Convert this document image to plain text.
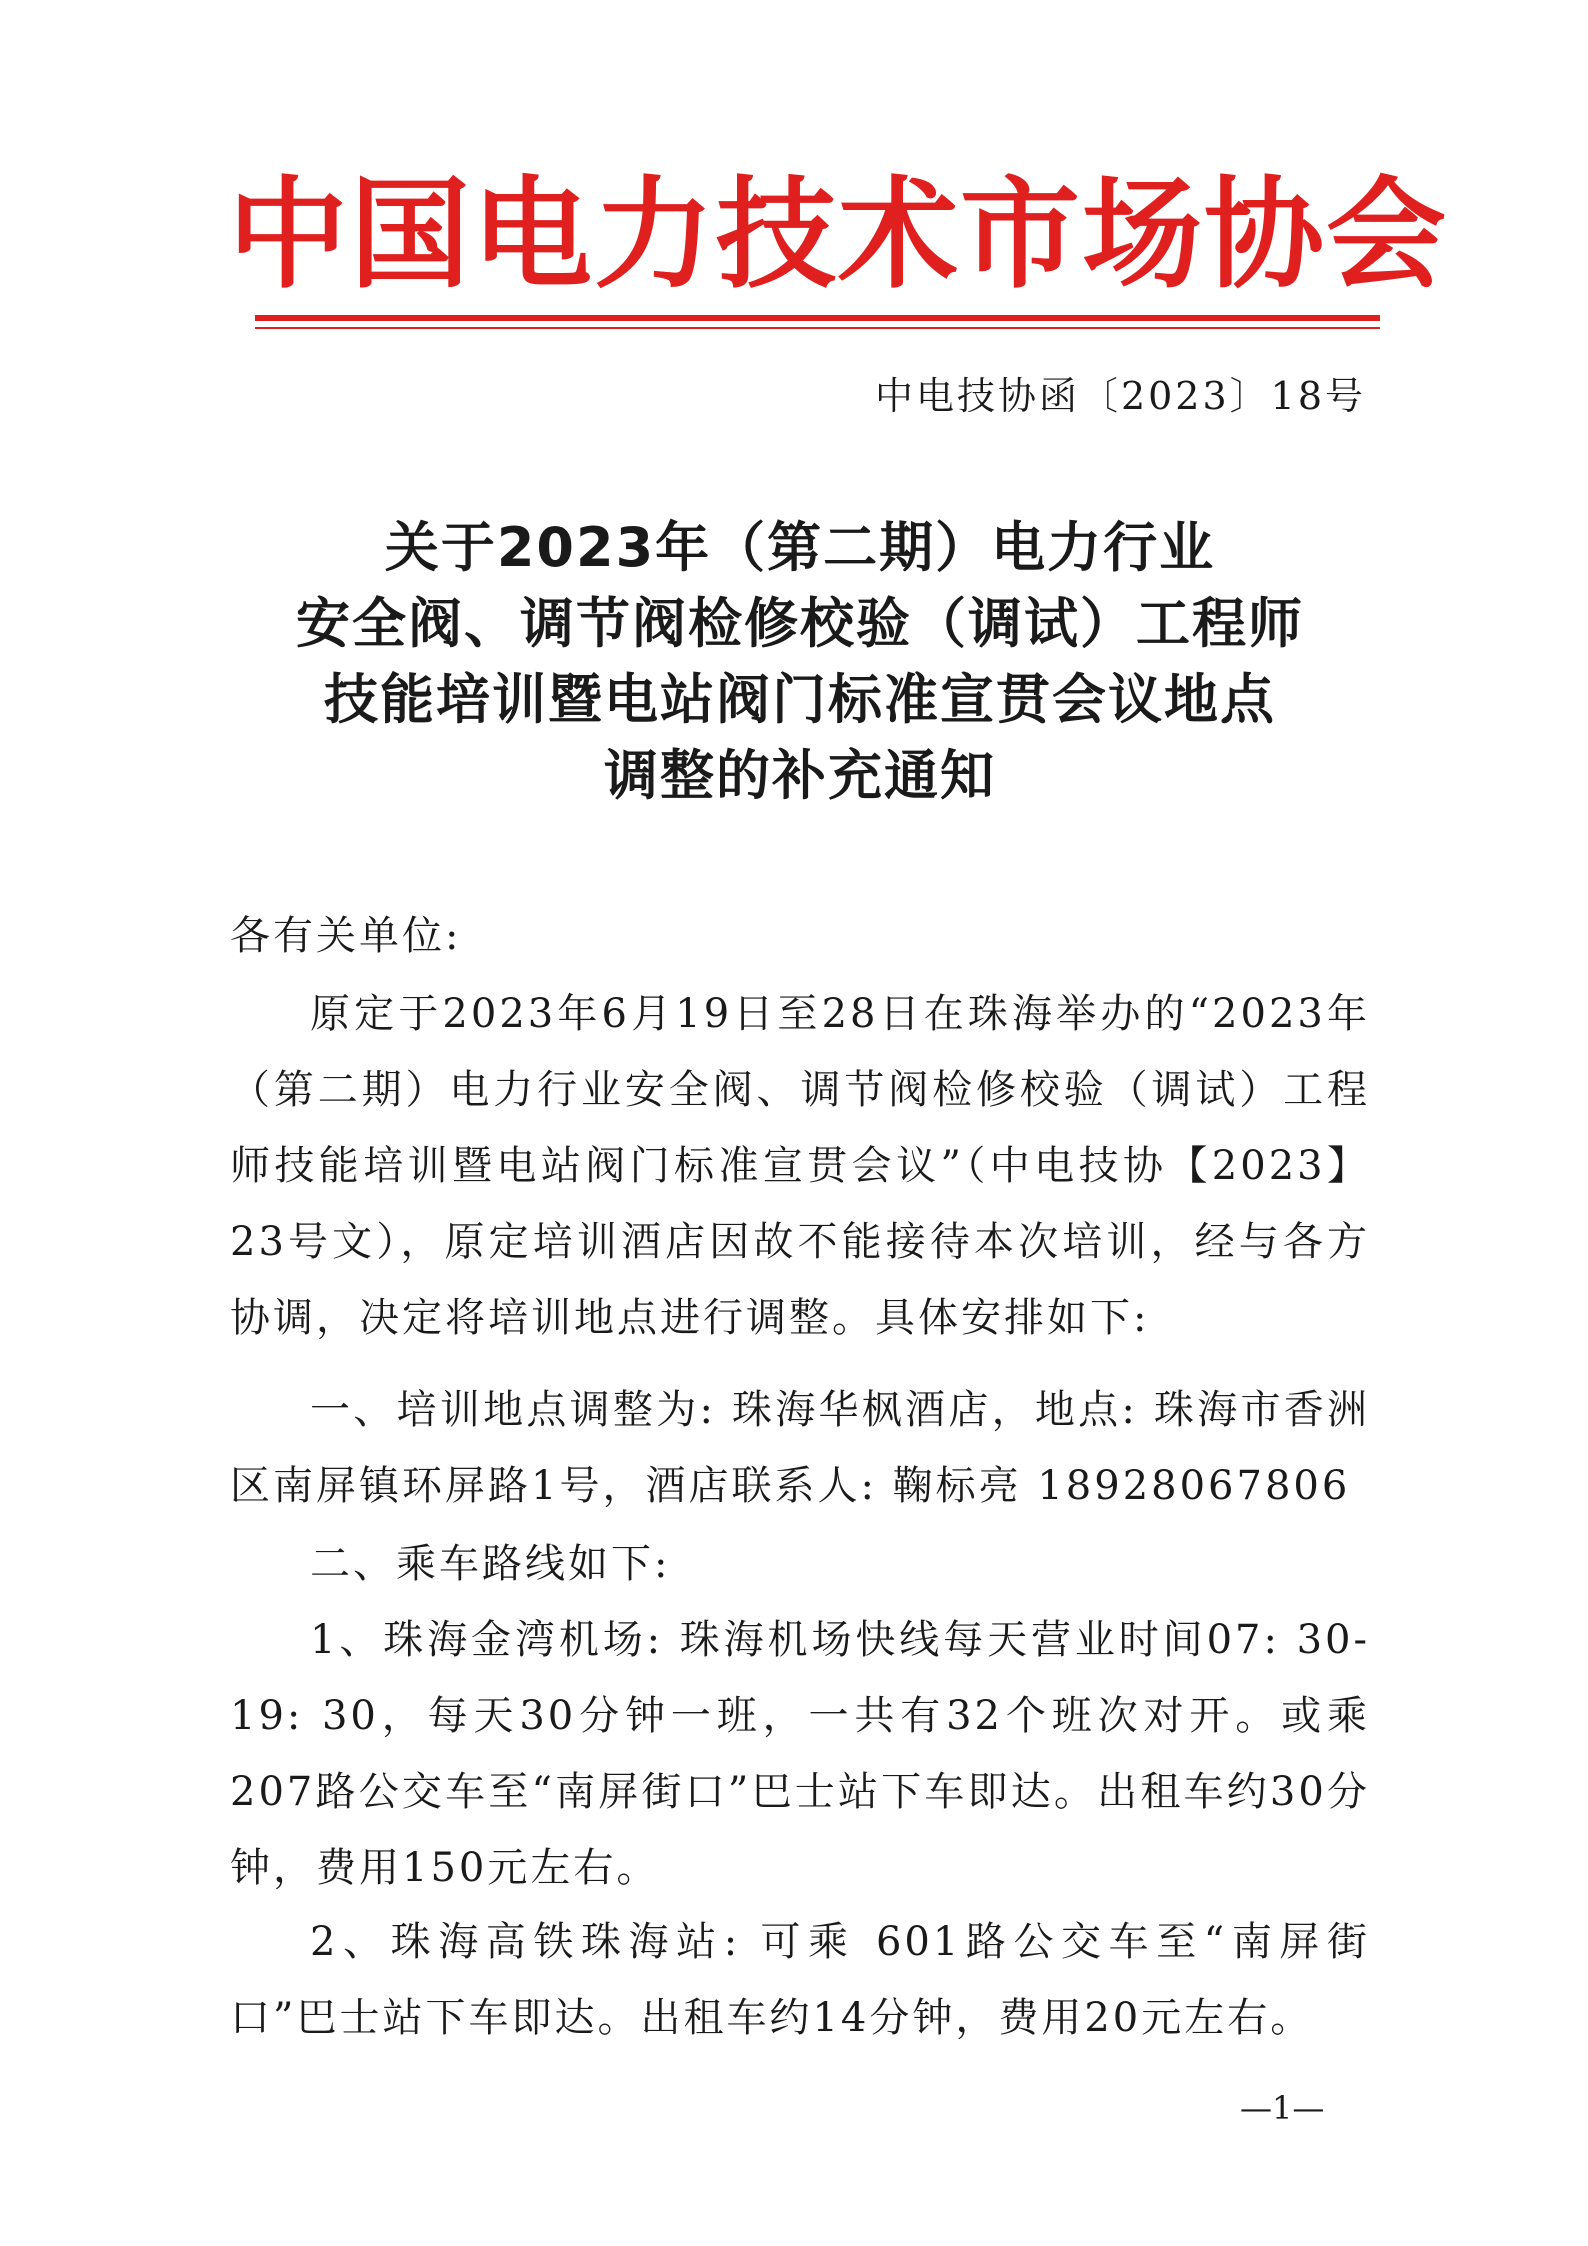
中国电力技术市场协会
中电技协函〔2023〕18号
关于2023年（第二期）电力行业
安全阀、调节阀检修校验（调试）工程师
技能培训暨电站阀门标准宣贯会议地点
调整的补充通知
各有关单位:
原定于2023年6月19日至28日在珠海举办的“2023年（第二期）电力行业安全阀、调节阀检修校验（调试）工程师技能培训暨电站阀门标准宣贯会议”（中电技协【2023】23号文），原定培训酒店因故不能接待本次培训，经与各方协调，决定将培训地点进行调整。具体安排如下:
一、培训地点调整为: 珠海华枫酒店，地点: 珠海市香洲区南屏镇环屏路1号，酒店联系人: 鞠标亮 18928067806
二、乘车路线如下:
1、珠海金湾机场: 珠海机场快线每天营业时间07: 30-19: 30，每天30分钟一班，一共有32个班次对开。或乘207路公交车至“南屏街口”巴士站下车即达。出租车约30分钟，费用150元左右。
2、珠海高铁珠海站: 可乘 601路公交车至“南屏街口”巴士站下车即达。出租车约14分钟，费用20元左右。
—1—
